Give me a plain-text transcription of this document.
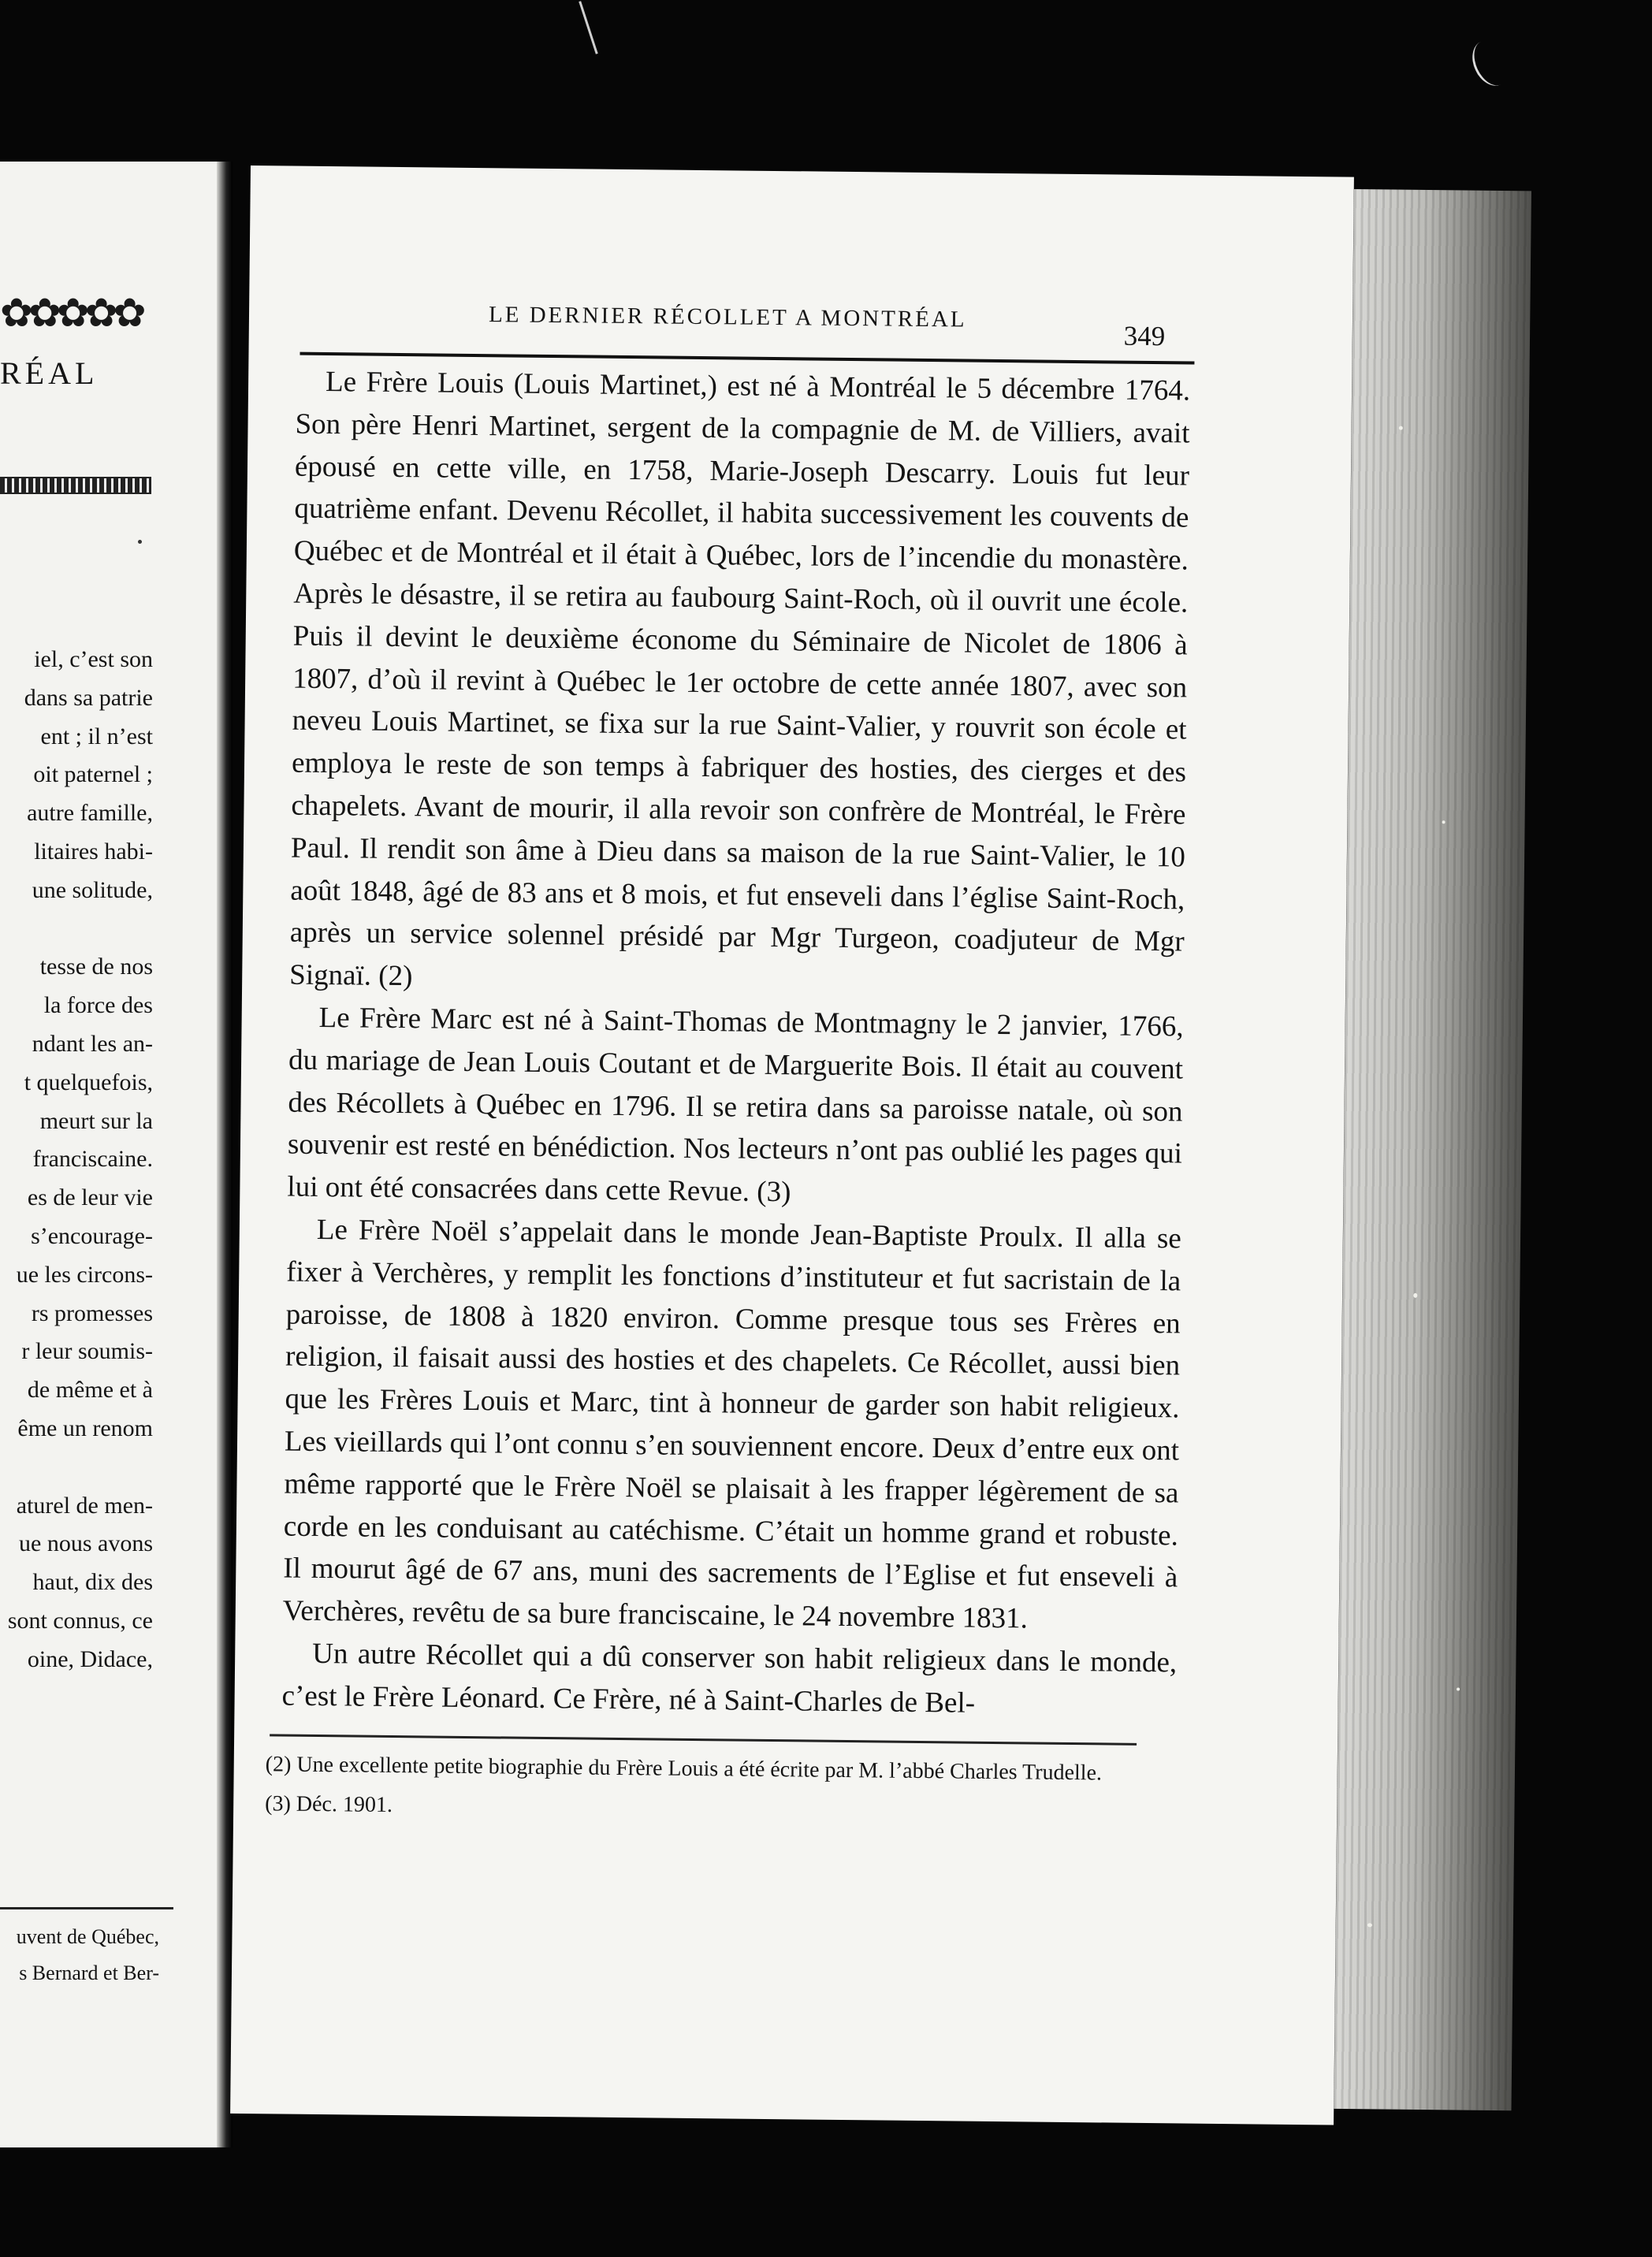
✿✿✿✿✿
RÉAL
iel, c’est son
dans sa patrie
ent ; il n’est
oit paternel ;
autre famille,
litaires habi-
une solitude,
tesse de nos
la force des
ndant les an-
t quelquefois,
meurt sur la
franciscaine.
es de leur vie
s’encourage-
ue les circons-
rs promesses
r leur soumis-
de même et à
ême un renom
aturel de men-
ue nous avons
haut, dix des
sont connus, ce
oine, Didace,
uvent de Québec,
s Bernard et Ber-
LE DERNIER RÉCOLLET A MONTRÉAL
349

Le Frère Louis (Louis Martinet,) est né à Montréal le 5 décembre 1764. Son père Henri Martinet, sergent de la compagnie de M. de Villiers, avait épousé en cette ville, en 1758, Marie-Joseph Descarry. Louis fut leur quatrième enfant. Devenu Récollet, il habita successivement les couvents de Québec et de Montréal et il était à Québec, lors de l’incendie du monastère. Après le désastre, il se retira au faubourg Saint-Roch, où il ouvrit une école. Puis il devint le deuxième économe du Séminaire de Nicolet de 1806 à 1807, d’où il revint à Québec le 1er octobre de cette année 1807, avec son neveu Louis Martinet, se fixa sur la rue Saint-Valier, y rouvrit son école et employa le reste de son temps à fabriquer des hosties, des cierges et des chapelets. Avant de mourir, il alla revoir son confrère de Montréal, le Frère Paul. Il rendit son âme à Dieu dans sa maison de la rue Saint-Valier, le 10 août 1848, âgé de 83 ans et 8 mois, et fut enseveli dans l’église Saint-Roch, après un service solennel présidé par Mgr Turgeon, coadjuteur de Mgr Signaï. (2)

Le Frère Marc est né à Saint-Thomas de Montmagny le 2 janvier, 1766, du mariage de Jean Louis Coutant et de Marguerite Bois. Il était au couvent des Récollets à Québec en 1796. Il se retira dans sa paroisse natale, où son souvenir est resté en bénédiction. Nos lecteurs n’ont pas oublié les pages qui lui ont été consacrées dans cette Revue. (3)

Le Frère Noël s’appelait dans le monde Jean-Baptiste Proulx. Il alla se fixer à Verchères, y remplit les fonctions d’instituteur et fut sacristain de la paroisse, de 1808 à 1820 environ. Comme presque tous ses Frères en religion, il faisait aussi des hosties et des chapelets. Ce Récollet, aussi bien que les Frères Louis et Marc, tint à honneur de garder son habit religieux. Les vieillards qui l’ont connu s’en souviennent encore. Deux d’entre eux ont même rapporté que le Frère Noël se plaisait à les frapper légèrement de sa corde en les conduisant au catéchisme. C’était un homme grand et robuste. Il mourut âgé de 67 ans, muni des sacrements de l’Eglise et fut enseveli à Verchères, revêtu de sa bure franciscaine, le 24 novembre 1831.

Un autre Récollet qui a dû conserver son habit religieux dans le monde, c’est le Frère Léonard. Ce Frère, né à Saint-Charles de Bel-

(2) Une excellente petite biographie du Frère Louis a été écrite par M. l’abbé Charles Trudelle.

(3) Déc. 1901.
